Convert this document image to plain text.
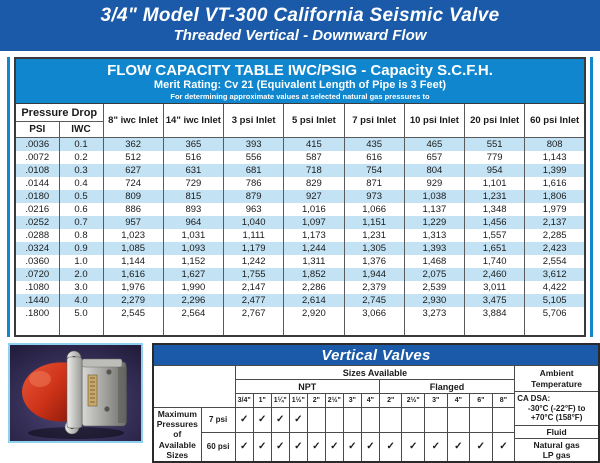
3/4" Model VT-300 California Seismic Valve
Threaded Vertical - Downward Flow
FLOW CAPACITY TABLE IWC/PSIG - Capacity S.C.F.H.
Merit Rating: Cv 21 (Equivalent Length of Pipe is 3 Feet)
For determining approximate values at selected natural gas pressures to									

Pressure Drop		8" iwc Inlet	14" iwc Inlet	3 psi Inlet	5 psi Inlet	7 psi Inlet	10 psi Inlet	20 psi Inlet	60 psi Inlet
PSI	IWC								
.0036	0.1	362	365	393	415	435	465	551	808
.0072	0.2	512	516	556	587	616	657	779	1,143
.0108	0.3	627	631	681	718	754	804	954	1,399
.0144	0.4	724	729	786	829	871	929	1,101	1,616
.0180	0.5	809	815	879	927	973	1,038	1,231	1,806
.0216	0.6	886	893	963	1,016	1,066	1,137	1,348	1,979
.0252	0.7	957	964	1,040	1,097	1,151	1,229	1,456	2,137
.0288	0.8	1,023	1,031	1,111	1,173	1,231	1,313	1,557	2,285
.0324	0.9	1,085	1,093	1,179	1,244	1,305	1,393	1,651	2,423
.0360	1.0	1,144	1,152	1,242	1,311	1,376	1,468	1,740	2,554
.0720	2.0	1,616	1,627	1,755	1,852	1,944	2,075	2,460	3,612
.1080	3.0	1,976	1,990	2,147	2,286	2,379	2,539	3,011	4,422
.1440	4.0	2,279	2,296	2,477	2,614	2,745	2,930	3,475	5,105
.1800	5.0	2,545	2,564	2,767	2,920	3,066	3,273	3,884	5,706

Vertical Valves																
	Sizes Available	Ambient
Temperature
CA DSA:
-30°C (-22°F) to
+70°C (158°F)
Fluid
Natural gas
LP gas

		NPT								Flanged						
		3/4"	1"	1¼"	1½"	2"	2½"	3"	4"	2"	2½"	3"	4"	6"	8"	
Maximum Pressures of Available Sizes	7 psi	✓	✓	✓	✓											
	60 psi	✓	✓	✓	✓	✓	✓	✓	✓	✓	✓	✓	✓	✓	✓	
